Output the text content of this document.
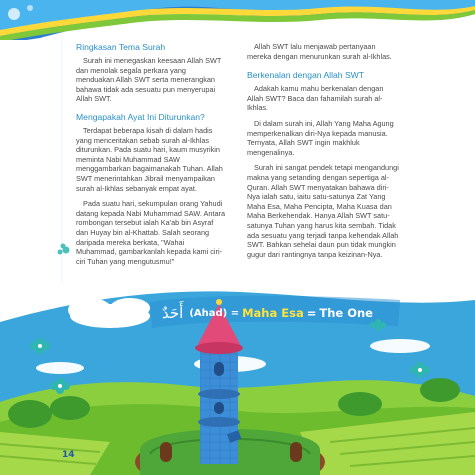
Ringkasan Tema Surah

Surah ini menegaskan keesaan Allah SWT dan menolak segala perkara yang menduakan Allah SWT serta menerangkan bahawa tidak ada sesuatu pun menyerupai Allah SWT.

Mengapakah Ayat Ini Diturunkan?

Terdapat beberapa kisah di dalam hadis yang menceritakan sebab surah al-Ikhlas diturunkan. Pada suatu hari, kaum musyrikin meminta Nabi Muhammad SAW menggambarkan bagaimanakah Tuhan. Allah SWT menerintahkan Jibrail menyampaikan surah al-Ikhlas sebanyak empat ayat.

Pada suatu hari, sekumpulan orang Yahudi datang kepada Nabi Muhammad SAW. Antara rombongan tersebut ialah Ka'ab bin Asyraf dan Huyay bin al-Khattab. Salah seorang daripada mereka berkata, "Wahai Muhammad, gambarkanlah kepada kami ciri-ciri Tuhan yang mengutusmu!"

Allah SWT lalu menjawab pertanyaan mereka dengan menurunkan surah al-Ikhlas.

Berkenalan dengan Allah SWT

Adakah kamu mahu berkenalan dengan Allah SWT? Baca dan fahamilah surah al-Ikhlas.

Di dalam surah ini, Allah Yang Maha Agung memperkenalkan diri-Nya kepada manusia. Ternyata, Allah SWT ingin makhluk mengenalinya.

Surah ini sangat pendek tetapi mengandungi makna yang setanding dengan sepertiga al-Quran. Allah SWT menyatakan bahawa diri-Nya ialah satu, iaitu satu-satunya Zat Yang Maha Esa, Maha Pencipta, Maha Kuasa dan Maha Berkehendak. Hanya Allah SWT satu-satunya Tuhan yang harus kita sembah. Tidak ada sesuatu yang terjadi tanpa kehendak Allah SWT. Bahkan sehelai daun pun tidak mungkin gugur dari rantingnya tanpa keizinan-Nya.

أَحَدٌ (Ahad) = Maha Esa = The One
14
